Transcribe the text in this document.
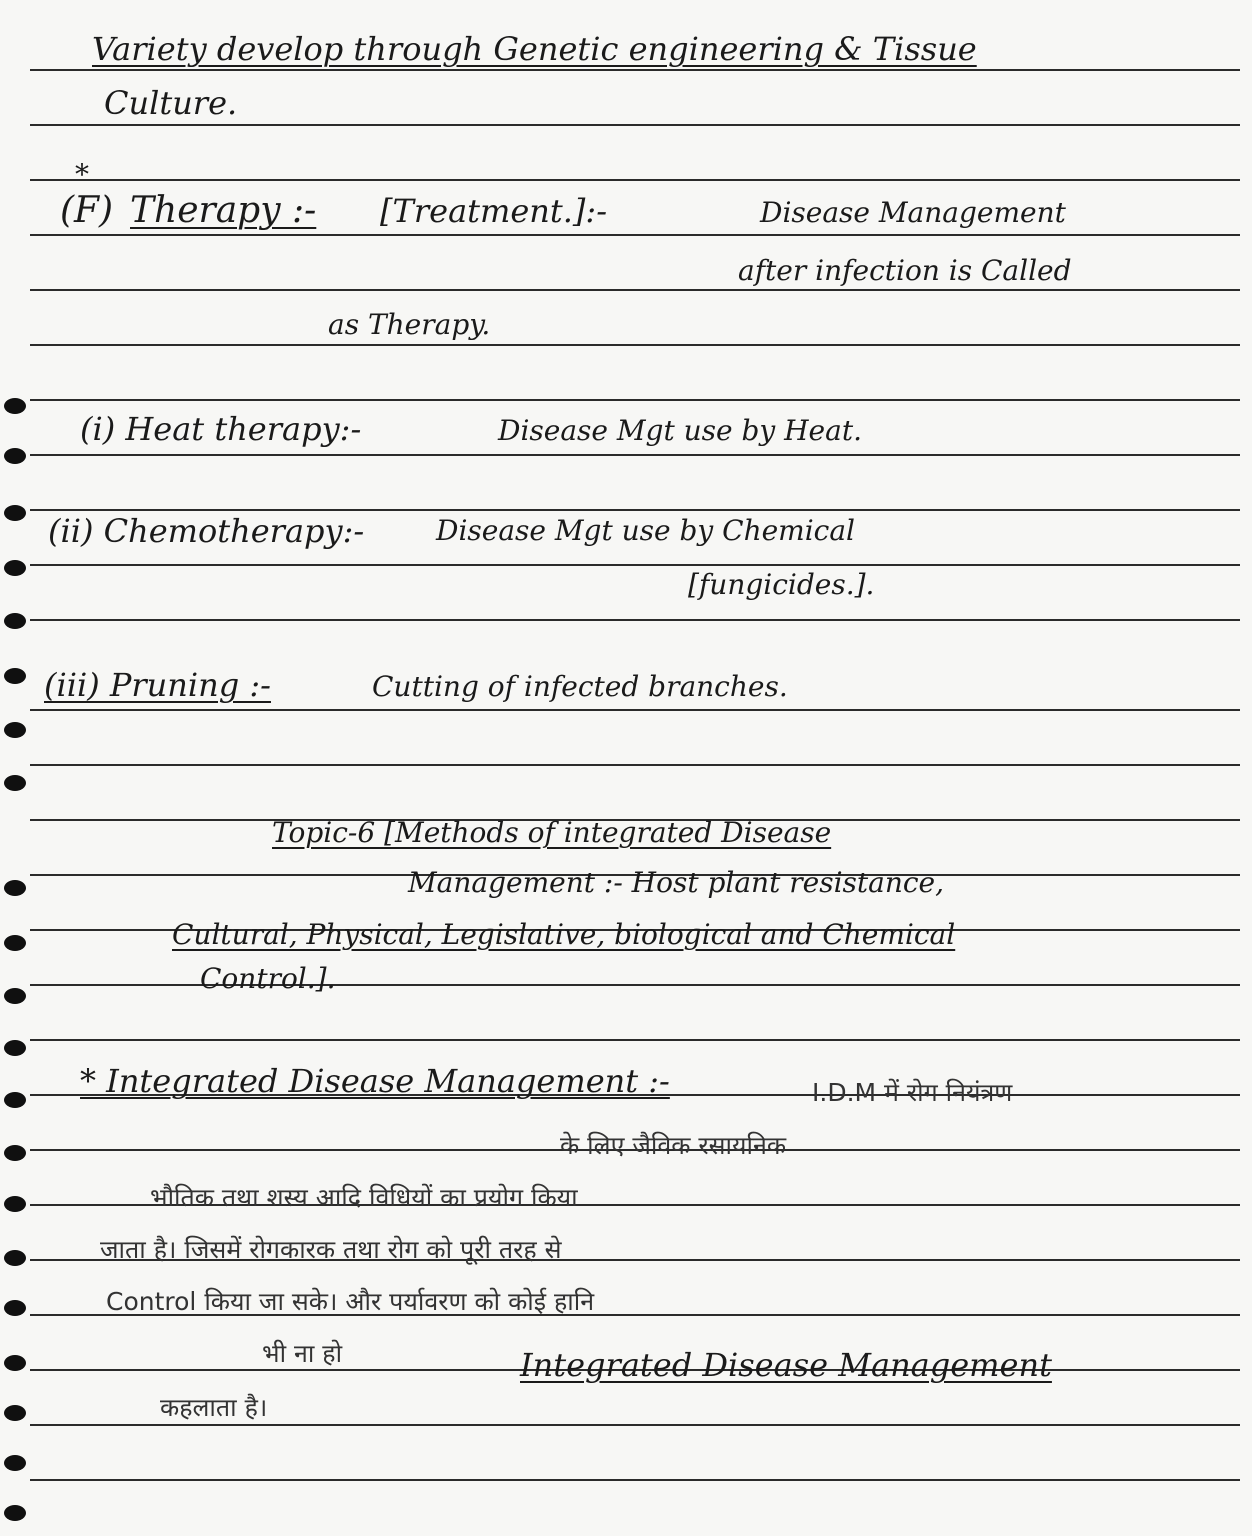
Variety develop through Genetic engineering & Tissue
Culture.
*
(F) Therapy :- [Treatment.]:-	Disease Management
after infection is Called
as Therapy.
(i) Heat therapy:-	Disease Mgt use by Heat.
(ii) Chemotherapy:-	Disease Mgt use by Chemical
[fungicides.].
(iii) Pruning :-	Cutting of infected branches.
Topic-6 [Methods of integrated Disease
Management :- Host plant resistance,
Cultural, Physical, Legislative, biological and Chemical
Control.].
* Integrated Disease Management :-	I.D.M में रोग नियंत्रण
के लिए जैविक रसायनिक
भौतिक तथा शस्य आदि विधियों का प्रयोग किया
जाता है। जिसमें रोगकारक तथा रोग को पूरी तरह से
Control किया जा सके। और पर्यावरण को कोई हानि
भी ना हो	Integrated Disease Management
कहलाता है।
